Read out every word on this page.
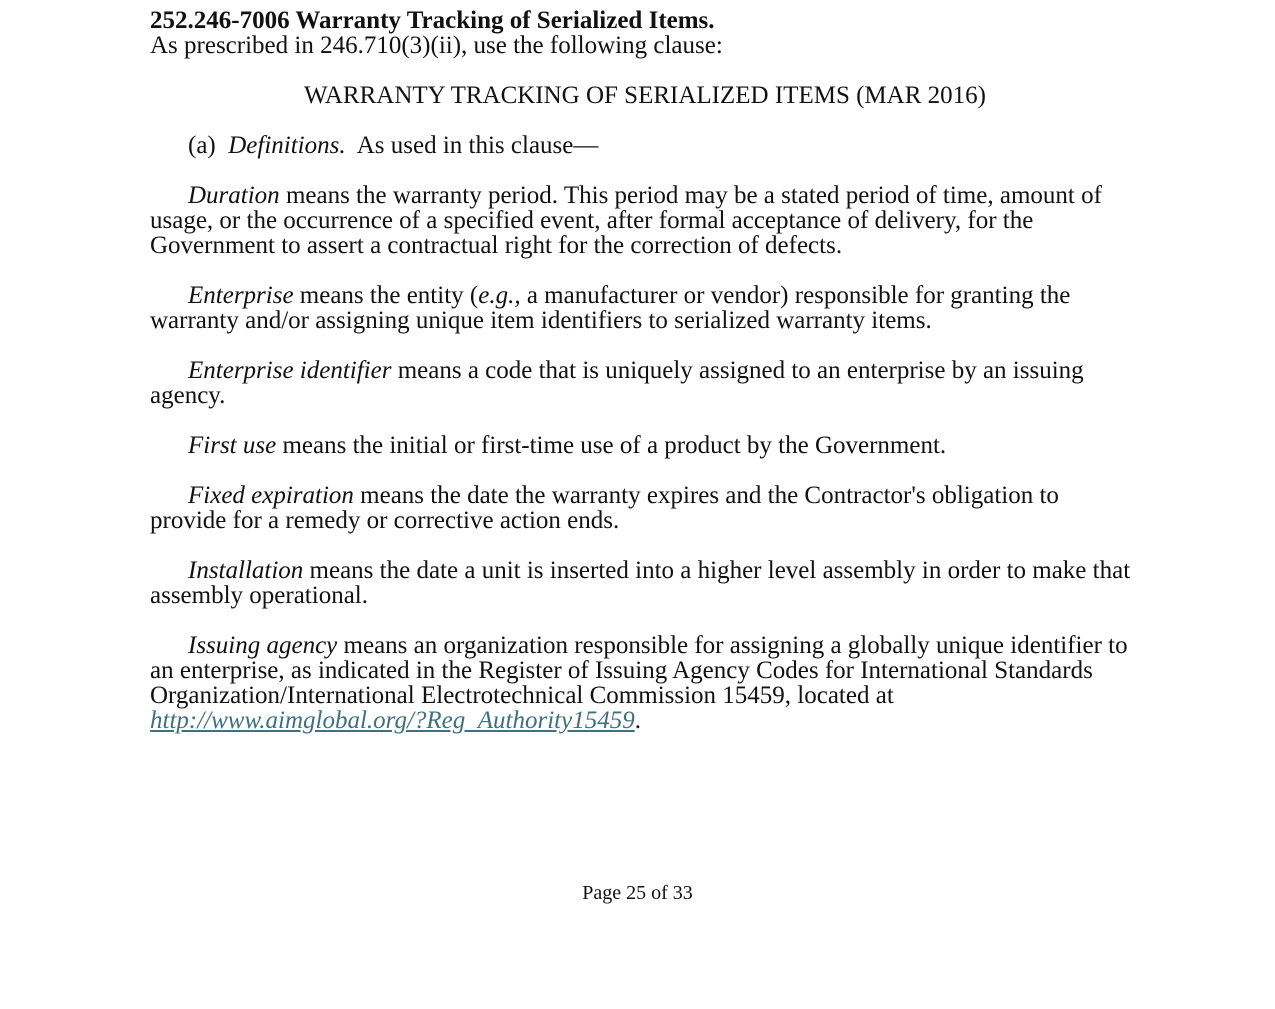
252.246-7006 Warranty Tracking of Serialized Items.

As prescribed in 246.710(3)(ii), use the following clause:

WARRANTY TRACKING OF SERIALIZED ITEMS (MAR 2016)

(a) Definitions. As used in this clause—

Duration means the warranty period. This period may be a stated period of time, amount of usage, or the occurrence of a specified event, after formal acceptance of delivery, for the Government to assert a contractual right for the correction of defects.

Enterprise means the entity (e.g., a manufacturer or vendor) responsible for granting the warranty and/or assigning unique item identifiers to serialized warranty items.

Enterprise identifier means a code that is uniquely assigned to an enterprise by an issuing agency.

First use means the initial or first-time use of a product by the Government.

Fixed expiration means the date the warranty expires and the Contractor's obligation to provide for a remedy or corrective action ends.

Installation means the date a unit is inserted into a higher level assembly in order to make that assembly operational.

Issuing agency means an organization responsible for assigning a globally unique identifier to an enterprise, as indicated in the Register of Issuing Agency Codes for International Standards Organization/International Electrotechnical Commission 15459, located at http://www.aimglobal.org/?Reg_Authority15459.

Page 25 of 33
